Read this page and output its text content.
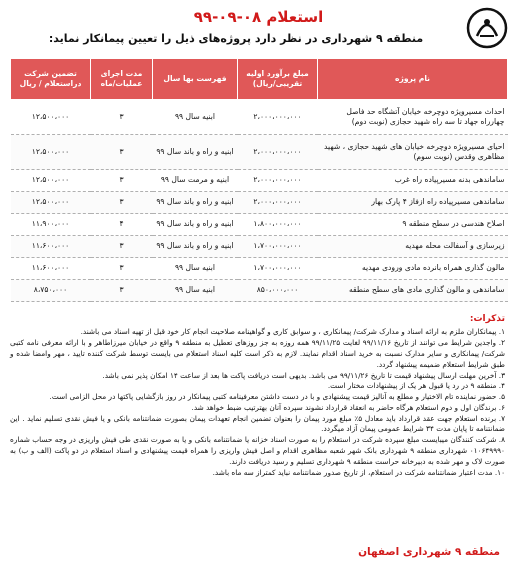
استعلام ۰۸-۰۹-۹۹
منطقه ۹ شهرداری در نظر دارد پروژه‌های ذیل را تعیین پیمانکار نماید:
نام پروژه	مبلغ برآورد اولیه تقریبی/ریال)	فهرست بها سال	مدت اجرای عملیات/ماه	تضمین شرکت دراستعلام / ریال
احداث مسیرویژه دوچرخه خیابان آتشگاه حد فاصل چهارراه جهاد تا سه راه شهید حجازی (نوبت دوم)	۲،۰۰۰،۰۰۰،۰۰۰	ابنیه سال ۹۹	۳	۱۲،۵۰۰،۰۰۰
احیای مسیرویژه دوچرخه خیابان های شهید حجازی ، شهید مظاهری وقدس (نوبت سوم)	۲،۰۰۰،۰۰۰،۰۰۰	ابنیه و راه و باند سال ۹۹	۳	۱۲،۵۰۰،۰۰۰
ساماندهی بدنه مسیرپیاده راه غرب	۲،۰۰۰،۰۰۰،۰۰۰	ابنیه و مرمت سال ۹۹	۳	۱۲،۵۰۰،۰۰۰
ساماندهی مسیرپیاده راه ازفاز ۴ پارک بهار	۲،۰۰۰،۰۰۰،۰۰۰	ابنیه و راه و باند سال ۹۹	۳	۱۲،۵۰۰،۰۰۰
اصلاح هندسی در سطح منطقه ۹	۱،۸۰۰،۰۰۰،۰۰۰	ابنیه و راه و باند سال ۹۹	۴	۱۱،۹۰۰،۰۰۰
زیرسازی و آسفالت محله مهدیه	۱،۷۰۰،۰۰۰،۰۰۰	ابنیه و راه و باند سال ۹۹	۳	۱۱،۶۰۰،۰۰۰
مالون گذاری همراه بانرده مادی ورودی مهدیه	۱،۷۰۰،۰۰۰،۰۰۰	ابنیه سال ۹۹	۳	۱۱،۶۰۰،۰۰۰
ساماندهی و مالون گذاری مادی های سطح منطقه	۸۵۰،۰۰۰،۰۰۰	ابنیه سال ۹۹	۳	۸،۷۵۰،۰۰۰
تذکرات:

۱. پیمانکاران ملزم به ارائه اسناد و مدارک شرکت/ پیمانکاری ، و سوابق کاری و گواهینامه صلاحیت انجام کار خود قبل از تهیه اسناد می باشند.

۲. واجدین شرایط می توانند از تاریخ ۹۹/۱۱/۱۶ لغایت ۹۹/۱۱/۲۵ همه روزه به جز روزهای تعطیل به منطقه ۹ واقع در خیابان میرزاطاهر و با ارائه معرفی نامه کتبی شرکت/ پیمانکاری و سایر مدارک نسبت به خرید اسناد اقدام نمایند. لازم به ذکر است کلیه اسناد استعلام می بایست توسط شرکت کننده تایید ، مهر وامضا شده و طبق شرایط استعلام ضمیمه پیشنهاد گردد.

۳. آخرین مهلت ارسال پیشنهاد قیمت تا تاریخ ۹۹/۱۱/۲۶ می باشد. بدیهی است دریافت پاکت ها بعد از ساعت ۱۴ امکان پذیر نمی باشد.

۴. منطقه ۹ در رد یا قبول هر یک از پیشنهادات مختار است.

۵. حضور نماینده تام الاختیار و مطلع به آنالیز قیمت پیشنهادی و با در دست داشتن معرفینامه کتبی پیمانکار در روز بازگشایی پاکتها در محل الزامی است.

۶. برندگان اول و دوم استعلام هرگاه حاضر به انعقاد قرارداد نشوند سپرده آنان بهترتیب ضبط خواهد شد.

۷. برنده استعلام جهت عقد قرارداد باید معادل ۵٪ مبلغ مورد پیمان را بعنوان تضمین انجام تعهدات پیمان بصورت ضمانتنامه بانکی و یا فیش نقدی تسلیم نماید . این ضمانتنامه تا پایان مدت ۳۴ شرایط عمومی پیمان آزاد میگردد.

۸. شرکت کنندگان میبایست مبلغ سپرده شرکت در استعلام را به صورت اسناد خزانه یا ضمانتنامه بانکی و یا به صورت نقدی طی فیش واریزی در وجه حساب شماره ۰۱۰۶۴۹۹۹۰ شهرداری منطقه ۹ شهرداری بانک شهر شعبه مظاهری اقدام و اصل فیش واریزی را همراه قیمت پیشنهادی و اسناد استعلام در دو پاکت (الف و ب) به صورت لاک و مهر شده به دبیرخانه حراست منطقه ۹ شهرداری تسلیم و رسید دریافت دارند.

۱۰. مدت اعتبار ضمانتنامه شرکت در استعلام، از تاریخ صدور ضمانتنامه نباید کمتراز سه ماه باشد.

منطقه ۹ شهرداری اصفهان
